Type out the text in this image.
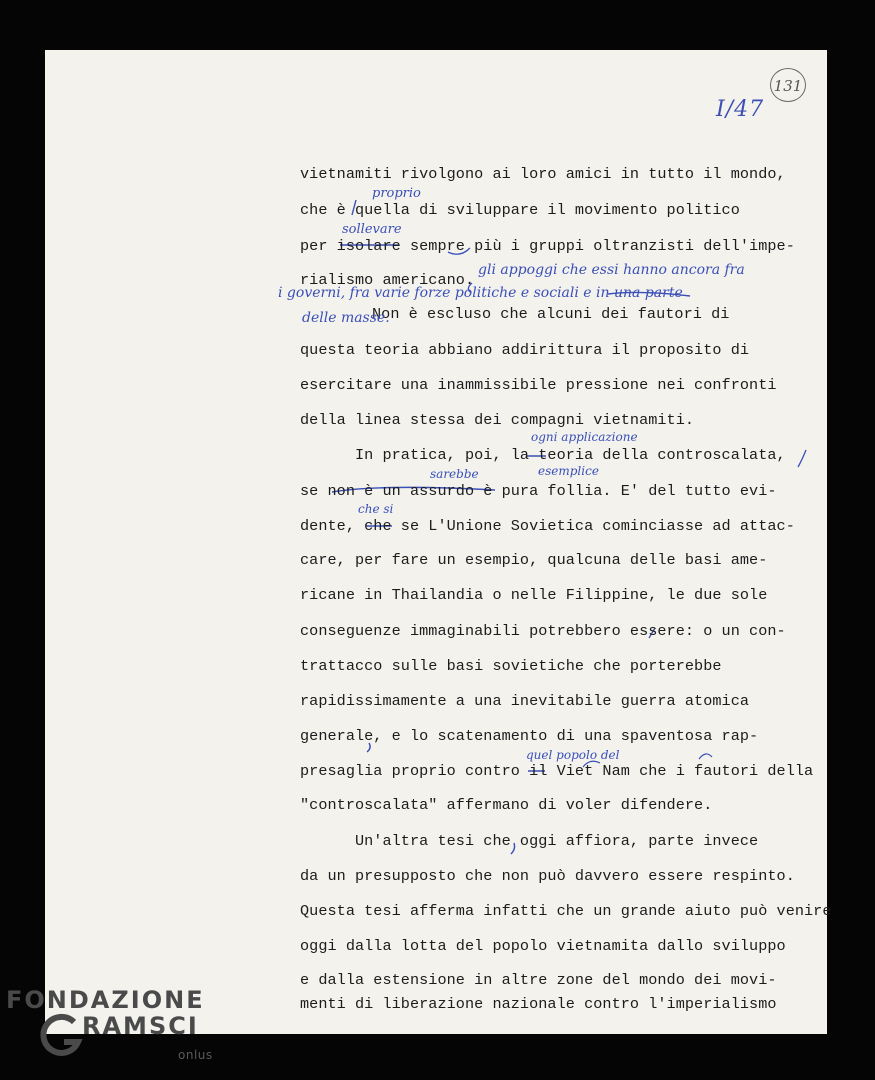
I/47
131
vietnamiti rivolgono ai loro amici in tutto il mondo,
che è quella di sviluppare il movimento politico
per isolare sempre più i gruppi oltranzisti dell'impe-
rialismo americano.
Non è escluso che alcuni dei fautori di
questa teoria abbiano addirittura il proposito di
esercitare una inammissibile pressione nei confronti
della linea stessa dei compagni vietnamiti.
In pratica, poi, la teoria della controscalata,
se non è un assurdo è pura follia. E' del tutto evi-
dente, che se L'Unione Sovietica cominciasse ad attac-
care, per fare un esempio, qualcuna delle basi ame-
ricane in Thailandia o nelle Filippine, le due sole
conseguenze immaginabili potrebbero essere: o un con-
trattacco sulle basi sovietiche che porterebbe
rapidissimamente a una inevitabile guerra atomica
generale, e lo scatenamento di una spaventosa rap-
presaglia proprio contro il Viet Nam che i fautori della
"controscalata" affermano di voler difendere.
Un'altra tesi che oggi affiora, parte invece
da un presupposto che non può davvero essere respinto.
Questa tesi afferma infatti che un grande aiuto può venire
oggi dalla lotta del popolo vietnamita dallo sviluppo
e dalla estensione in altre zone del mondo dei movi-
menti di liberazione nazionale contro l'imperialismo
proprio
sollevare
gli appoggi che essi hanno ancora fra
i governi, fra varie forze politiche e sociali e in una parte
delle masse.
ogni applicazione
sarebbe	esemplice
che si
quel popolo del
FONDAZIONE
RAMSCI
onlus
